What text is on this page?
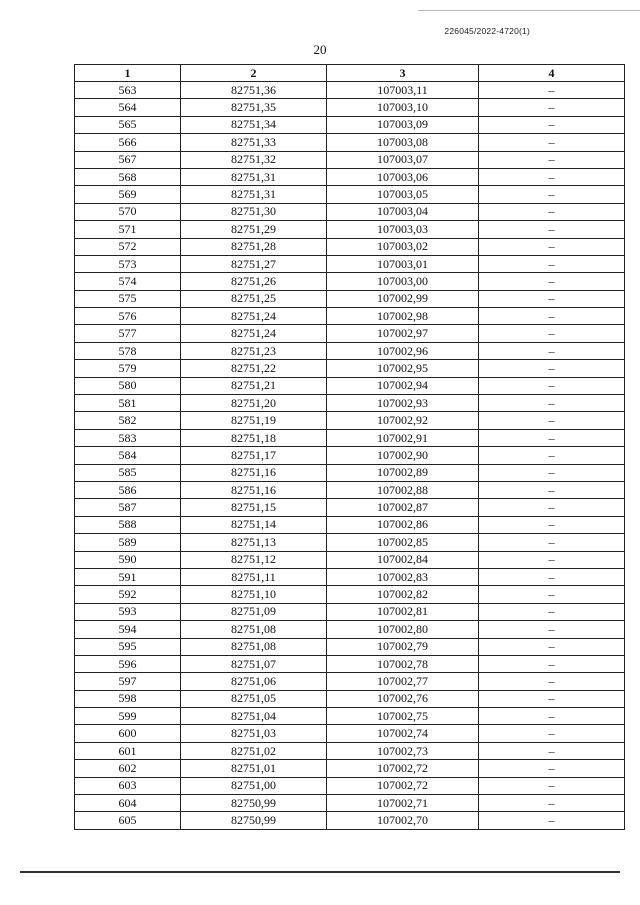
226045/2022-4720(1)
20
1	2	3	4
563	82751,36	107003,11	–
564	82751,35	107003,10	–
565	82751,34	107003,09	–
566	82751,33	107003,08	–
567	82751,32	107003,07	–
568	82751,31	107003,06	–
569	82751,31	107003,05	–
570	82751,30	107003,04	–
571	82751,29	107003,03	–
572	82751,28	107003,02	–
573	82751,27	107003,01	–
574	82751,26	107003,00	–
575	82751,25	107002,99	–
576	82751,24	107002,98	–
577	82751,24	107002,97	–
578	82751,23	107002,96	–
579	82751,22	107002,95	–
580	82751,21	107002,94	–
581	82751,20	107002,93	–
582	82751,19	107002,92	–
583	82751,18	107002,91	–
584	82751,17	107002,90	–
585	82751,16	107002,89	–
586	82751,16	107002,88	–
587	82751,15	107002,87	–
588	82751,14	107002,86	–
589	82751,13	107002,85	–
590	82751,12	107002,84	–
591	82751,11	107002,83	–
592	82751,10	107002,82	–
593	82751,09	107002,81	–
594	82751,08	107002,80	–
595	82751,08	107002,79	–
596	82751,07	107002,78	–
597	82751,06	107002,77	–
598	82751,05	107002,76	–
599	82751,04	107002,75	–
600	82751,03	107002,74	–
601	82751,02	107002,73	–
602	82751,01	107002,72	–
603	82751,00	107002,72	–
604	82750,99	107002,71	–
605	82750,99	107002,70	–
